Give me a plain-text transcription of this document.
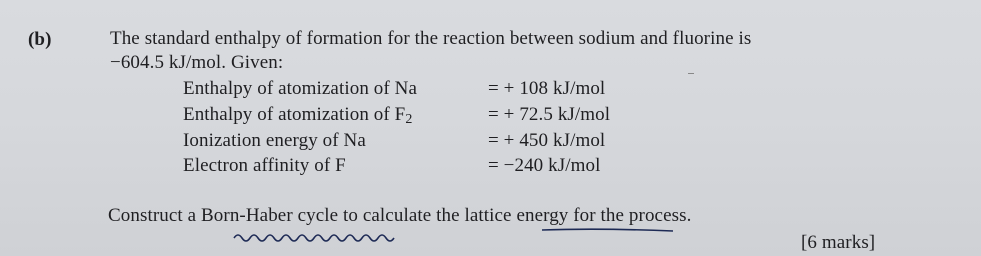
(b)	The standard enthalpy of formation for the reaction between sodium and fluorine is
−604.5 kJ/mol. Given:
Enthalpy of atomization of Na	= + 108 kJ/mol
Enthalpy of atomization of F2	= + 72.5 kJ/mol
Ionization energy of Na	= + 450 kJ/mol
Electron affinity of F	= −240 kJ/mol
Construct a Born-Haber cycle to calculate the lattice energy for the process.
[6 marks]
